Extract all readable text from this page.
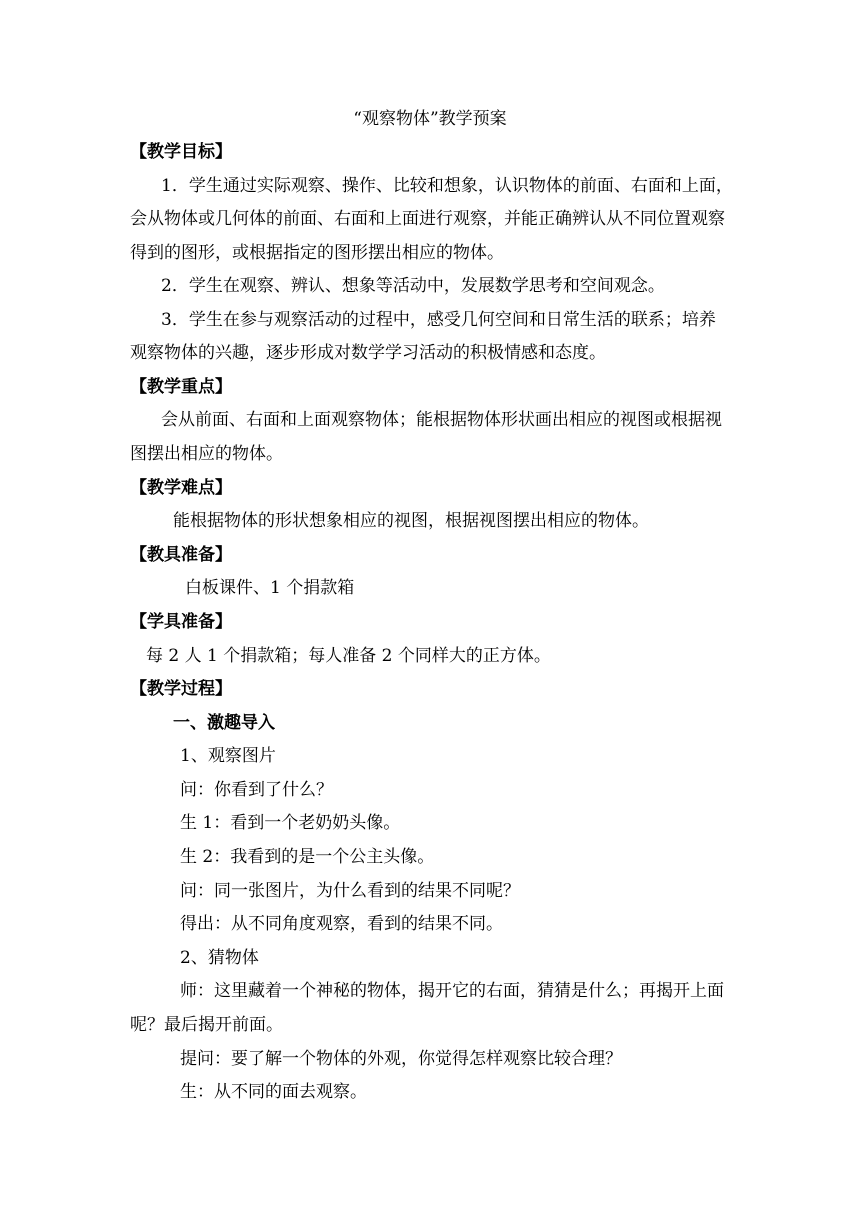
“观察物体”教学预案
【教学目标】
1．学生通过实际观察、操作、比较和想象，认识物体的前面、右面和上面，
会从物体或几何体的前面、右面和上面进行观察，并能正确辨认从不同位置观察
得到的图形，或根据指定的图形摆出相应的物体。
2．学生在观察、辨认、想象等活动中，发展数学思考和空间观念。
3．学生在参与观察活动的过程中，感受几何空间和日常生活的联系；培养
观察物体的兴趣，逐步形成对数学学习活动的积极情感和态度。
【教学重点】
会从前面、右面和上面观察物体；能根据物体形状画出相应的视图或根据视
图摆出相应的物体。
【教学难点】
能根据物体的形状想象相应的视图，根据视图摆出相应的物体。
【教具准备】
白板课件、1 个捐款箱
【学具准备】
每 2 人 1 个捐款箱；每人准备 2 个同样大的正方体。
【教学过程】
一、激趣导入
1、观察图片
问：你看到了什么？
生 1：看到一个老奶奶头像。
生 2：我看到的是一个公主头像。
问：同一张图片，为什么看到的结果不同呢？
得出：从不同角度观察，看到的结果不同。
2、猜物体
师：这里藏着一个神秘的物体，揭开它的右面，猜猜是什么；再揭开上面
呢？最后揭开前面。
提问：要了解一个物体的外观，你觉得怎样观察比较合理？
生：从不同的面去观察。
